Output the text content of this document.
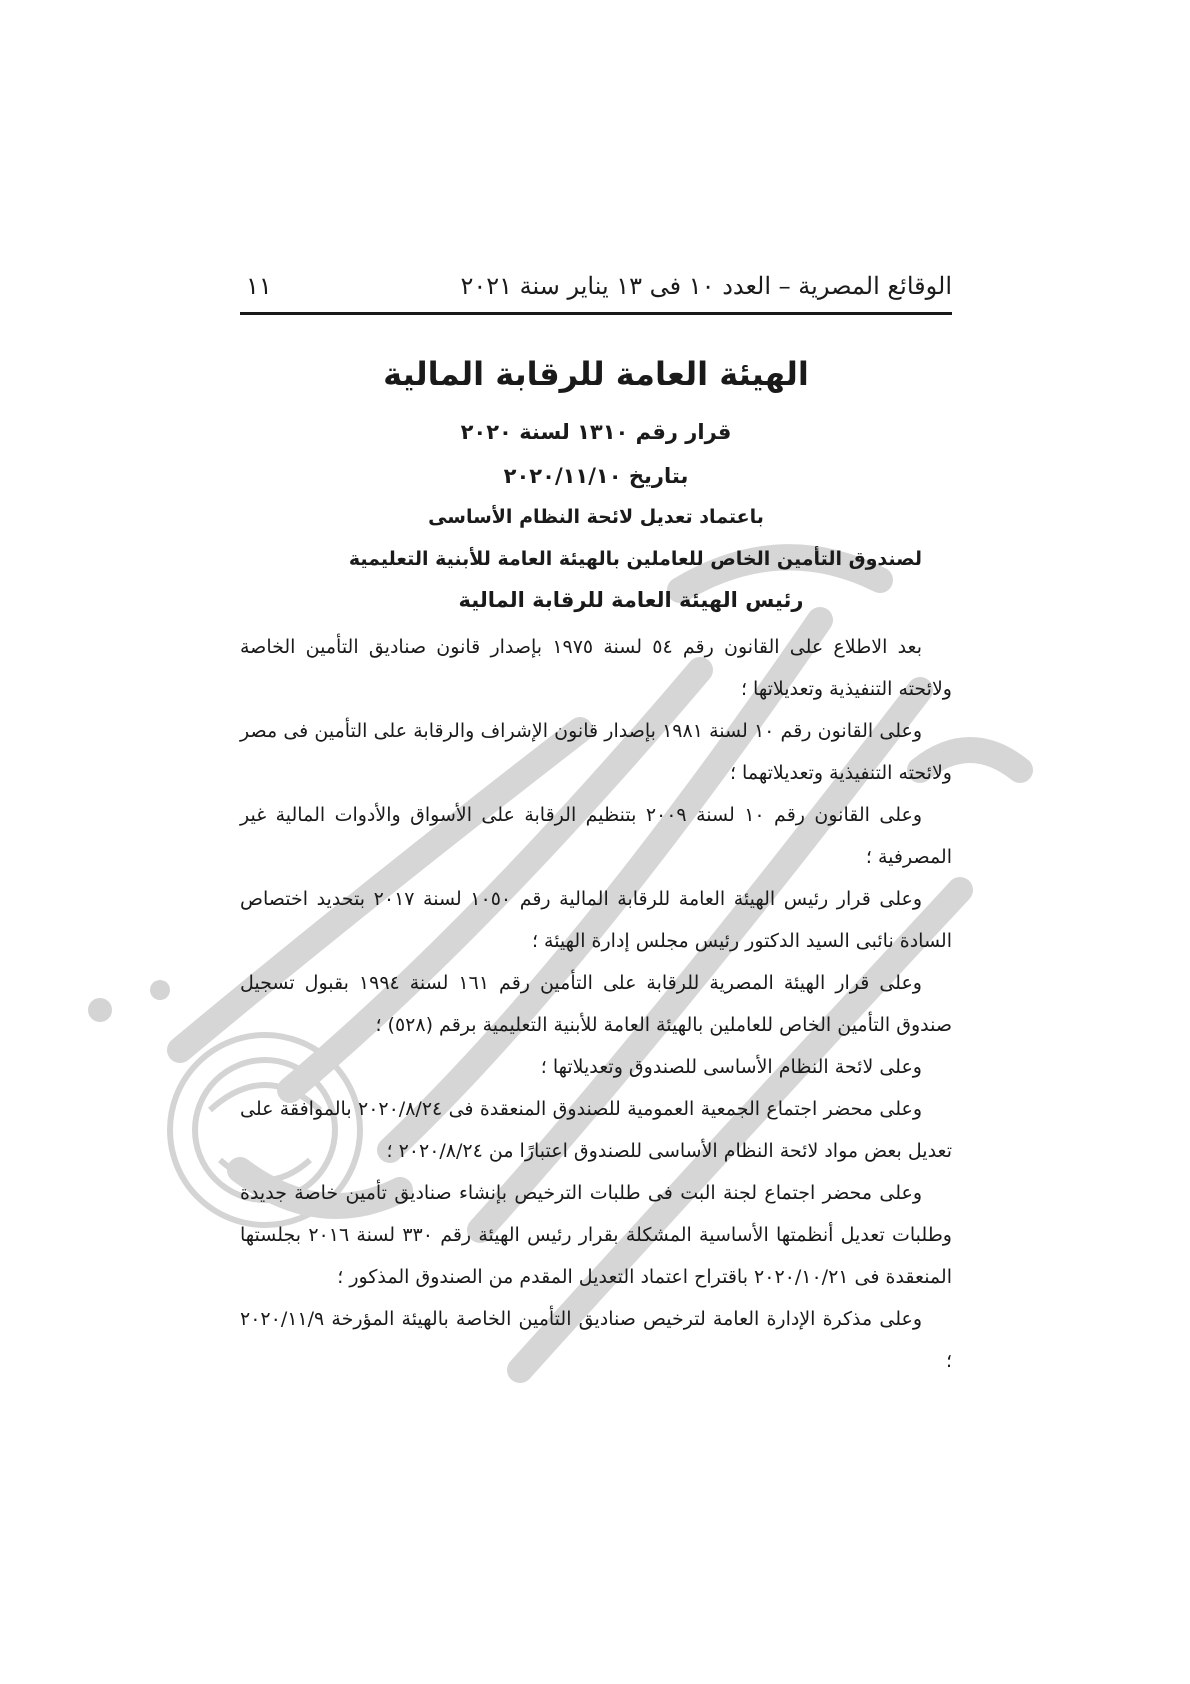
الوقائع المصرية – العدد ١٠ فى ١٣ يناير سنة ٢٠٢١
١١
الهيئة العامة للرقابة المالية
قرار رقم ١٣١٠ لسنة ٢٠٢٠
بتاريخ ٢٠٢٠/١١/١٠
باعتماد تعديل لائحة النظام الأساسى
لصندوق التأمين الخاص للعاملين بالهيئة العامة للأبنية التعليمية
رئيس الهيئة العامة للرقابة المالية

بعد الاطلاع على القانون رقم ٥٤ لسنة ١٩٧٥ بإصدار قانون صناديق التأمين الخاصة ولائحته التنفيذية وتعديلاتها ؛

وعلى القانون رقم ١٠ لسنة ١٩٨١ بإصدار قانون الإشراف والرقابة على التأمين فى مصر ولائحته التنفيذية وتعديلاتهما ؛

وعلى القانون رقم ١٠ لسنة ٢٠٠٩ بتنظيم الرقابة على الأسواق والأدوات المالية غير المصرفية ؛

وعلى قرار رئيس الهيئة العامة للرقابة المالية رقم ١٠٥٠ لسنة ٢٠١٧ بتحديد اختصاص السادة نائبى السيد الدكتور رئيس مجلس إدارة الهيئة ؛

وعلى قرار الهيئة المصرية للرقابة على التأمين رقم ١٦١ لسنة ١٩٩٤ بقبول تسجيل صندوق التأمين الخاص للعاملين بالهيئة العامة للأبنية التعليمية برقم (٥٢٨) ؛

وعلى لائحة النظام الأساسى للصندوق وتعديلاتها ؛

وعلى محضر اجتماع الجمعية العمومية للصندوق المنعقدة فى ٢٠٢٠/٨/٢٤ بالموافقة على تعديل بعض مواد لائحة النظام الأساسى للصندوق اعتبارًا من ٢٠٢٠/٨/٢٤ ؛

وعلى محضر اجتماع لجنة البت فى طلبات الترخيص بإنشاء صناديق تأمين خاصة جديدة وطلبات تعديل أنظمتها الأساسية المشكلة بقرار رئيس الهيئة رقم ٣٣٠ لسنة ٢٠١٦ بجلستها المنعقدة فى ٢٠٢٠/١٠/٢١ باقتراح اعتماد التعديل المقدم من الصندوق المذكور ؛

وعلى مذكرة الإدارة العامة لترخيص صناديق التأمين الخاصة بالهيئة المؤرخة ٢٠٢٠/١١/٩ ؛
